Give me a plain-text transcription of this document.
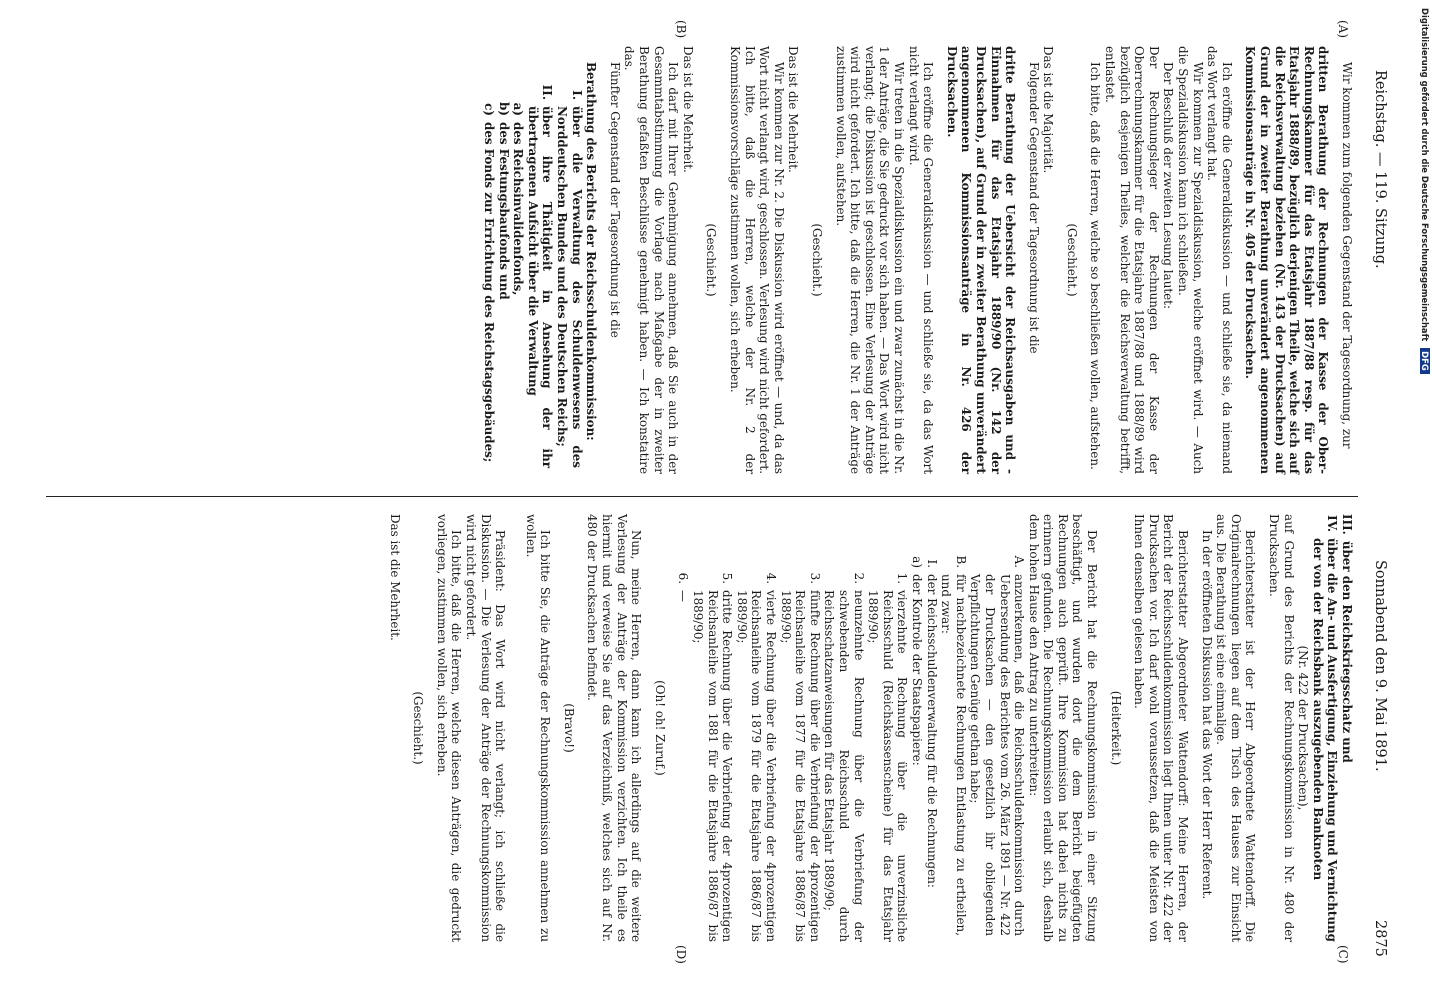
Reichstag. — 119. Sitzung.
Sonnabend den 9. Mai 1891.
2875
(A)
(B)
(C)
(D)

Wir kommen zum folgenden Gegenstand der Tagesordnung, zur

dritten Berathung der Rechnungen der Kasse der Ober-Rechnungskammer für das Etatsjahr 1887/88 resp. für das Etatsjahr 1888/89, bezüglich derjenigen Theile, welche sich auf die Reichsverwaltung beziehen (Nr. 143 der Drucksachen) auf Grund der in zweiter Berathung unverändert angenommenen Kommissionsanträge in Nr. 405 der Drucksachen.

Ich eröffne die Generaldiskussion — und schließe sie, da niemand das Wort verlangt hat.

Wir kommen zur Spezialdiskussion, welche eröffnet wird. — Auch die Spezialdiskussion kann ich schließen.

Der Beschluß der zweiten Lesung lautet:

Der Rechnungsleger der Rechnungen der Kasse der Oberrechnungskammer für die Etatsjahre 1887/88 und 1888/89 wird bezüglich desjenigen Theiles, welcher die Reichsverwaltung betrifft, entlastet.

Ich bitte, daß die Herren, welche so beschließen wollen, aufstehen.

(Geschieht.)

Das ist die Majorität.

Folgender Gegenstand der Tagesordnung ist die

dritte Berathung der Uebersicht der Reichsausgaben und -Einnahmen für das Etatsjahr 1889/90 (Nr. 142 der Drucksachen), auf Grund der in zweiter Berathung unverändert angenommenen Kommissionsanträge in Nr. 426 der Drucksachen.

Ich eröffne die Generaldiskussion — und schließe sie, da das Wort nicht verlangt wird.

Wir treten in die Spezialdiskussion ein und zwar zunächst in die Nr. 1 der Anträge, die Sie gedruckt vor sich haben. — Das Wort wird nicht verlangt; die Diskussion ist geschlossen. Eine Verlesung der Anträge wird nicht gefordert. Ich bitte, daß die Herren, die Nr. 1 der Anträge zustimmen wollen, aufstehen.

(Geschieht.)

Das ist die Mehrheit.

Wir kommen zur Nr. 2. Die Diskussion wird eröffnet — und, da das Wort nicht verlangt wird, geschlossen. Verlesung wird nicht gefordert. Ich bitte, daß die Herren, welche der Nr. 2 der Kommissionsvorschläge zustimmen wollen, sich erheben.

(Geschieht.)

Das ist die Mehrheit.

Ich darf mit Ihrer Genehmigung annehmen, daß Sie auch in der Gesammtabstimmung die Vorlage nach Maßgabe der in zweiter Berathung gefaßten Beschlüsse genehmigt haben. — Ich konstatire das.

Fünfter Gegenstand der Tagesordnung ist die

Berathung des Berichts der Reichsschuldenkommission:

I.
über die Verwaltung des Schuldenwesens des Norddeutschen Bundes und des Deutschen Reichs;
II.
über ihre Thätigkeit in Ansehung der ihr übertragenen Aufsicht über die Verwaltung
a)
des Reichsinvalidenfonds,
b)
des Festungsbaufonds und
c)
des Fonds zur Errichtung des Reichstagsgebäudes;
III.
über den Reichskriegsschatz und
IV.
über die An- und Ausfertigung, Einziehung und Vernichtung der von der Reichsbank auszugebenden Banknoten

(Nr. 422 der Drucksachen),

auf Grund des Berichts der Rechnungskommission in Nr. 480 der Drucksachen.

Berichterstatter ist der Herr Abgeordnete Wattendorff. Die Originalrechnungen liegen auf dem Tisch des Hauses zur Einsicht aus. Die Berathung ist eine einmalige.

In der eröffneten Diskussion hat das Wort der Herr Referent.

Berichterstatter Abgeordneter Wattendorff: Meine Herren, der Bericht der Reichsschuldenkommission liegt Ihnen unter Nr. 422 der Drucksachen vor. Ich darf wohl voraussetzen, daß die Meisten von Ihnen denselben gelesen haben.

(Heiterkeit.)

Der Bericht hat die Rechnungskommission in einer Sitzung beschäftigt, und wurden dort die dem Bericht beigefügten Rechnungen auch geprüft. Ihre Kommission hat dabei nichts zu erinnern gefunden. Die Rechnungskommission erlaubt sich, deshalb dem hohen Hause den Antrag zu unterbreiten:

A.
anzuerkennen, daß die Reichsschuldenkommission durch Uebersendung des Berichtes vom 26. März 1891 — Nr. 422 der Drucksachen — den gesetzlich ihr obliegenden Verpflichtungen Genüge gethan habe;
B.
für nachbezeichnete Rechnungen Entlastung zu ertheilen, und zwar:
I.
der Reichsschuldenverwaltung für die Rechnungen:
a)
der Kontrole der Staatspapiere:
1.
vierzehnte Rechnung über die unverzinsliche Reichsschuld (Reichskassenscheine) für das Etatsjahr 1889/90;
2.
neunzehnte Rechnung über die Verbriefung der schwebenden Reichsschuld durch Reichsschatzanweisungen für das Etatsjahr 1889/90;
3.
fünfte Rechnung über die Verbriefung der 4prozentigen Reichsanleihe vom 1877 für die Etatsjahre 1886/87 bis 1889/90;
4.
vierte Rechnung über die Verbriefung der 4prozentigen Reichsanleihe vom 1879 für die Etatsjahre 1886/87 bis 1889/90;
5.
dritte Rechnung über die Verbriefung der 4prozentigen Reichsanleihe vom 1881 für die Etatsjahre 1886/87 bis 1889/90;
6.
—

(Oh! oh! Zuruf.)

Nun, meine Herren, dann kann ich allerdings auf die weitere Verlesung der Anträge der Kommission verzichten. Ich theile es hiermit und verweise Sie auf das Verzeichniß, welches sich auf Nr. 480 der Drucksachen befindet.

(Bravo!)

Ich bitte Sie, die Anträge der Rechnungskommission annehmen zu wollen.

Präsident: Das Wort wird nicht verlangt; ich schließe die Diskussion. — Die Verlesung der Anträge der Rechnungskommission wird nicht gefordert.

Ich bitte, daß die Herren, welche diesen Anträgen, die gedruckt vorliegen, zustimmen wollen, sich erheben.

(Geschieht.)

Das ist die Mehrheit.

Digitalisierung gefördert durch die Deutsche Forschungsgemeinschaft DFG
